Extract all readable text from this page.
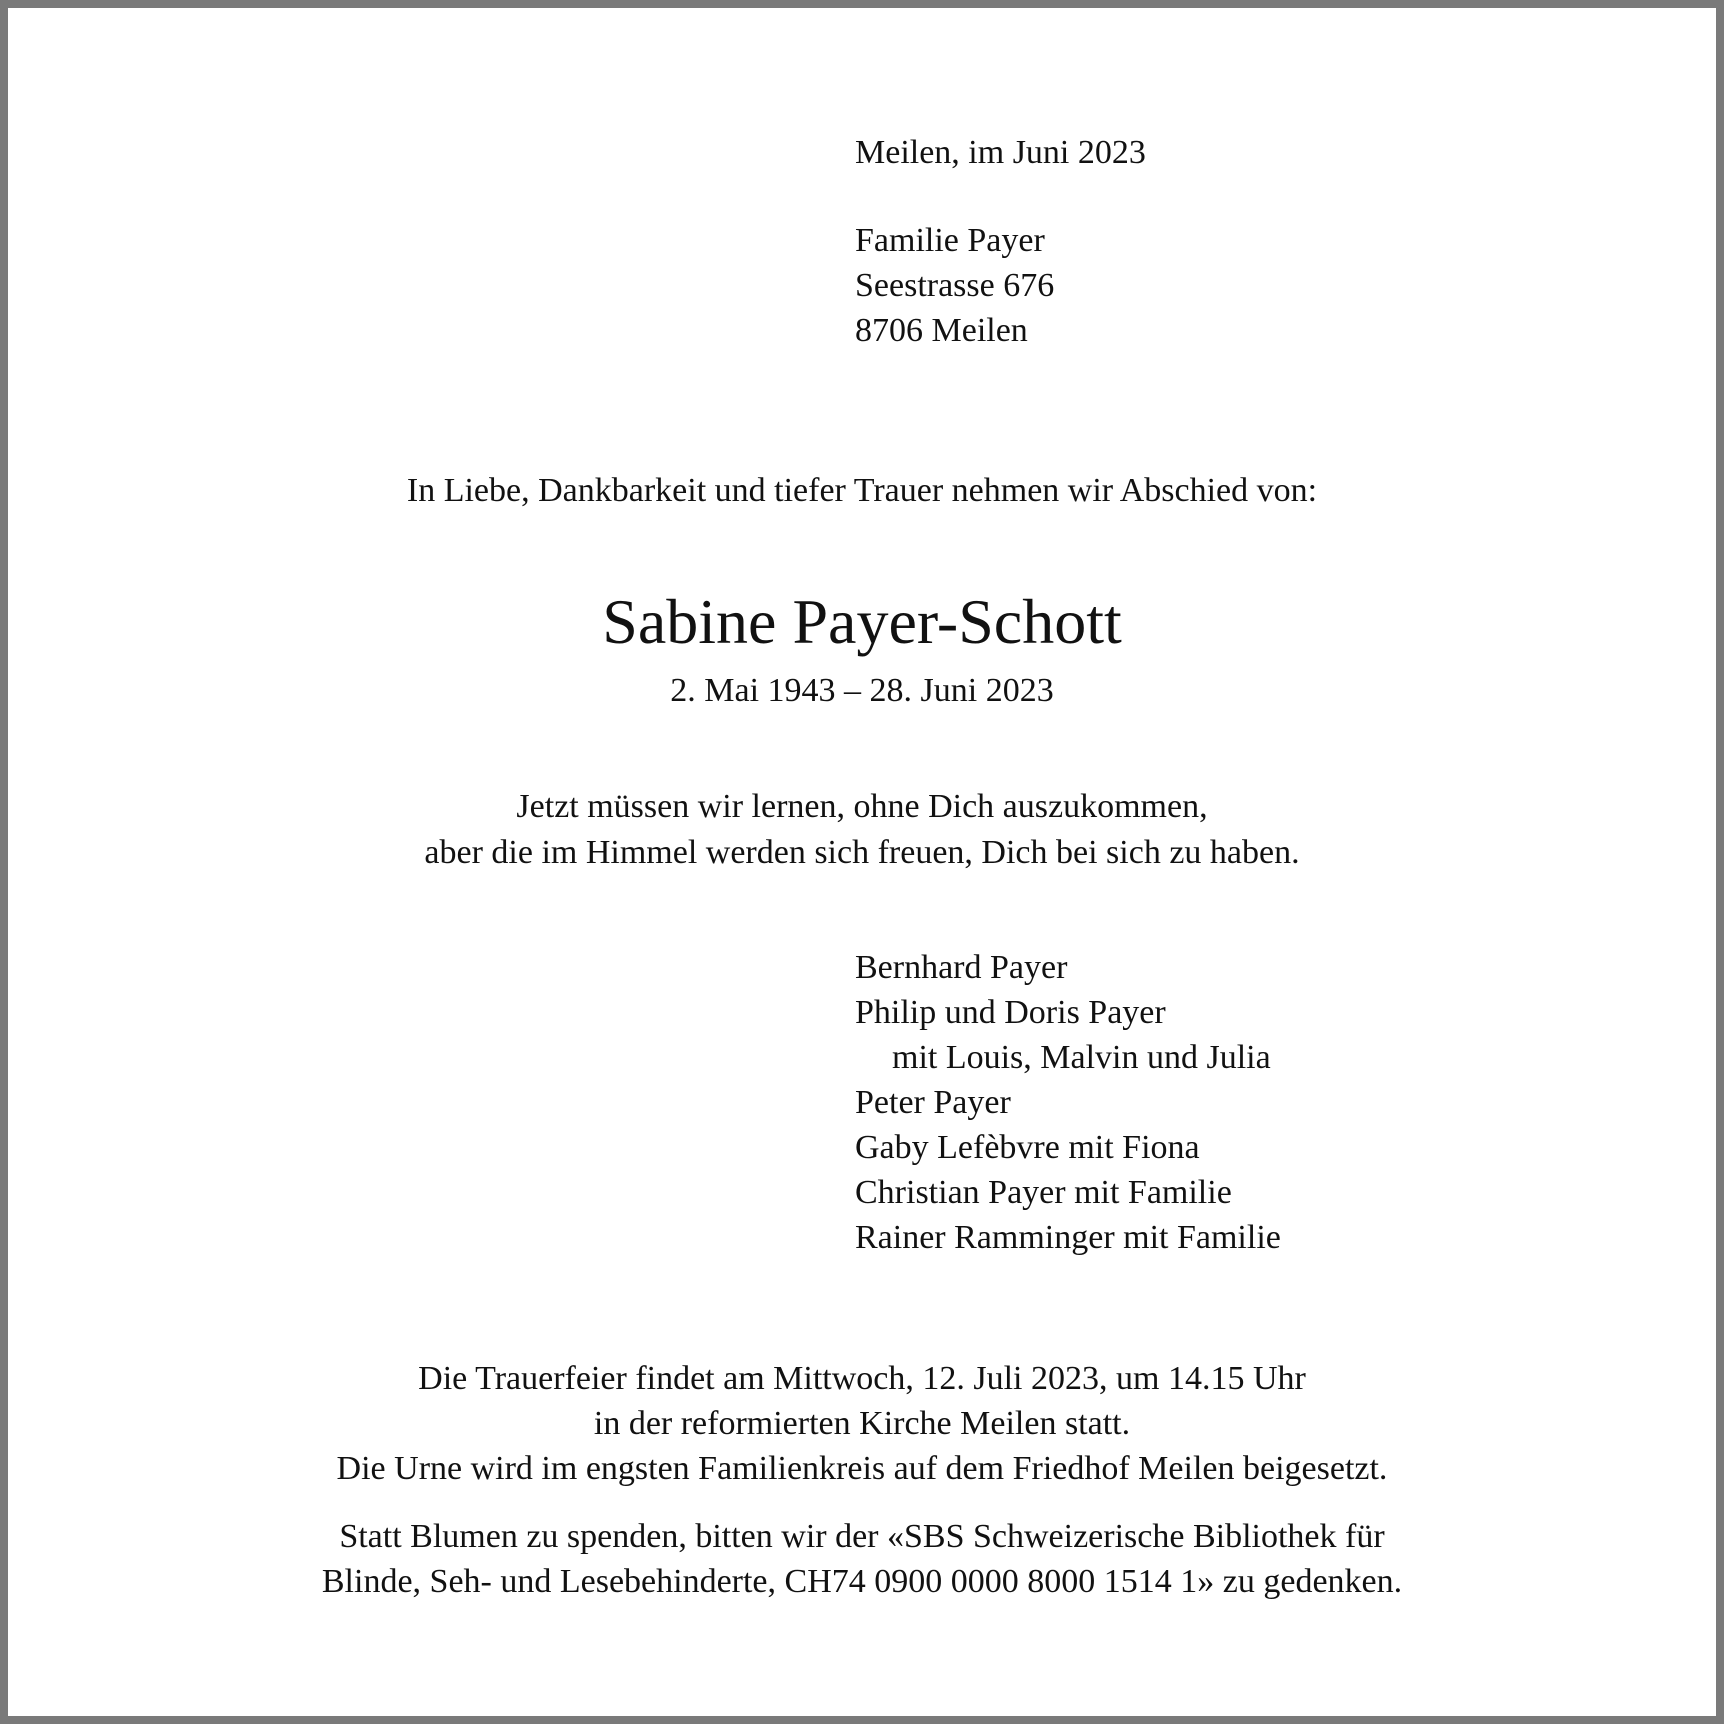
Meilen, im Juni 2023
Familie Payer
Seestrasse 676
8706 Meilen
In Liebe, Dankbarkeit und tiefer Trauer nehmen wir Abschied von:
Sabine Payer-Schott
2. Mai 1943 – 28. Juni 2023
Jetzt müssen wir lernen, ohne Dich auszukommen,
aber die im Himmel werden sich freuen, Dich bei sich zu haben.
Bernhard Payer
Philip und Doris Payer
mit Louis, Malvin und Julia
Peter Payer
Gaby Lefèbvre mit Fiona
Christian Payer mit Familie
Rainer Ramminger mit Familie
Die Trauerfeier findet am Mittwoch, 12. Juli 2023, um 14.15 Uhr
in der reformierten Kirche Meilen statt.
Die Urne wird im engsten Familienkreis auf dem Friedhof Meilen beigesetzt.
Statt Blumen zu spenden, bitten wir der «SBS Schweizerische Bibliothek für
Blinde, Seh- und Lesebehinderte, CH74 0900 0000 8000 1514 1» zu gedenken.
